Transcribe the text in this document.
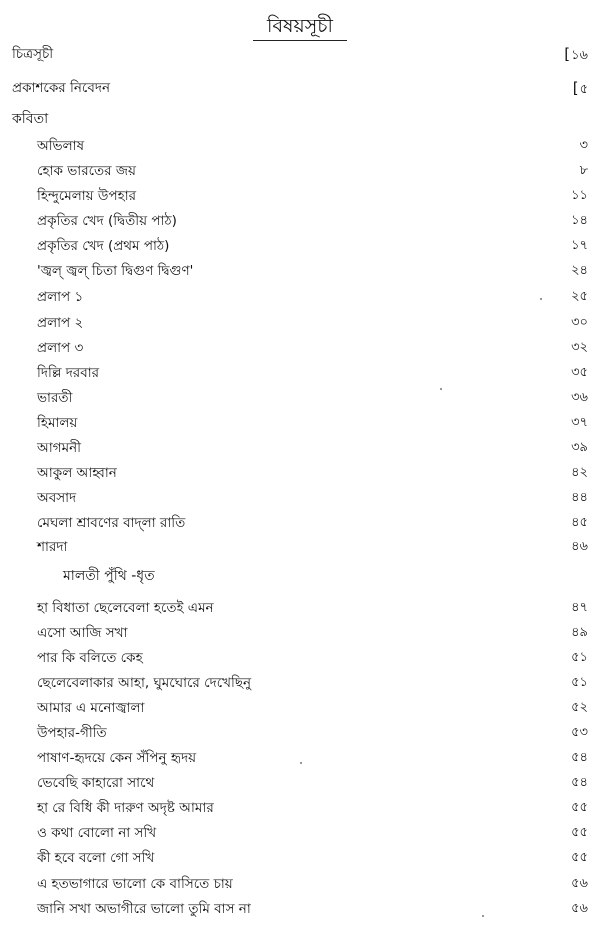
বিষয়সূচী
চিত্রসূচী	[১৬
প্রকাশকের নিবেদন	[৫
কবিতা
অভিলাষ	৩
হোক ভারতের জয়	৮
হিন্দুমেলায় উপহার	১১
প্রকৃতির খেদ (দ্বিতীয় পাঠ)	১৪
প্রকৃতির খেদ (প্রথম পাঠ)	১৭
'জ্বল্ জ্বল্ চিতা দ্বিগুণ দ্বিগুণ'	২৪
প্রলাপ ১	২৫
প্রলাপ ২	৩০
প্রলাপ ৩	৩২
দিল্লি দরবার	৩৫
ভারতী	৩৬
হিমালয়	৩৭
আগমনী	৩৯
আকুল আহ্বান	৪২
অবসাদ	৪৪
মেঘলা শ্রাবণের বাদ্‌লা রাতি	৪৫
শারদা	৪৬
মালতী পুঁথি -ধৃত
হা বিধাতা ছেলেবেলা হতেই এমন	৪৭
এসো আজি সখা	৪৯
পার কি বলিতে কেহ	৫১
ছেলেবেলাকার আহা, ঘুমঘোরে দেখেছিনু	৫১
আমার এ মনোজ্বালা	৫২
উপহার-গীতি	৫৩
পাষাণ-হৃদয়ে কেন সঁপিনু হৃদয়	৫৪
ভেবেছি কাহারো সাথে	৫৪
হা রে বিধি কী দারুণ অদৃষ্ট আমার	৫৫
ও কথা বোলো না সখি	৫৫
কী হবে বলো গো সখি	৫৫
এ হতভাগারে ভালো কে বাসিতে চায়	৫৬
জানি সখা অভাগীরে ভালো তুমি বাস না	৫৬
